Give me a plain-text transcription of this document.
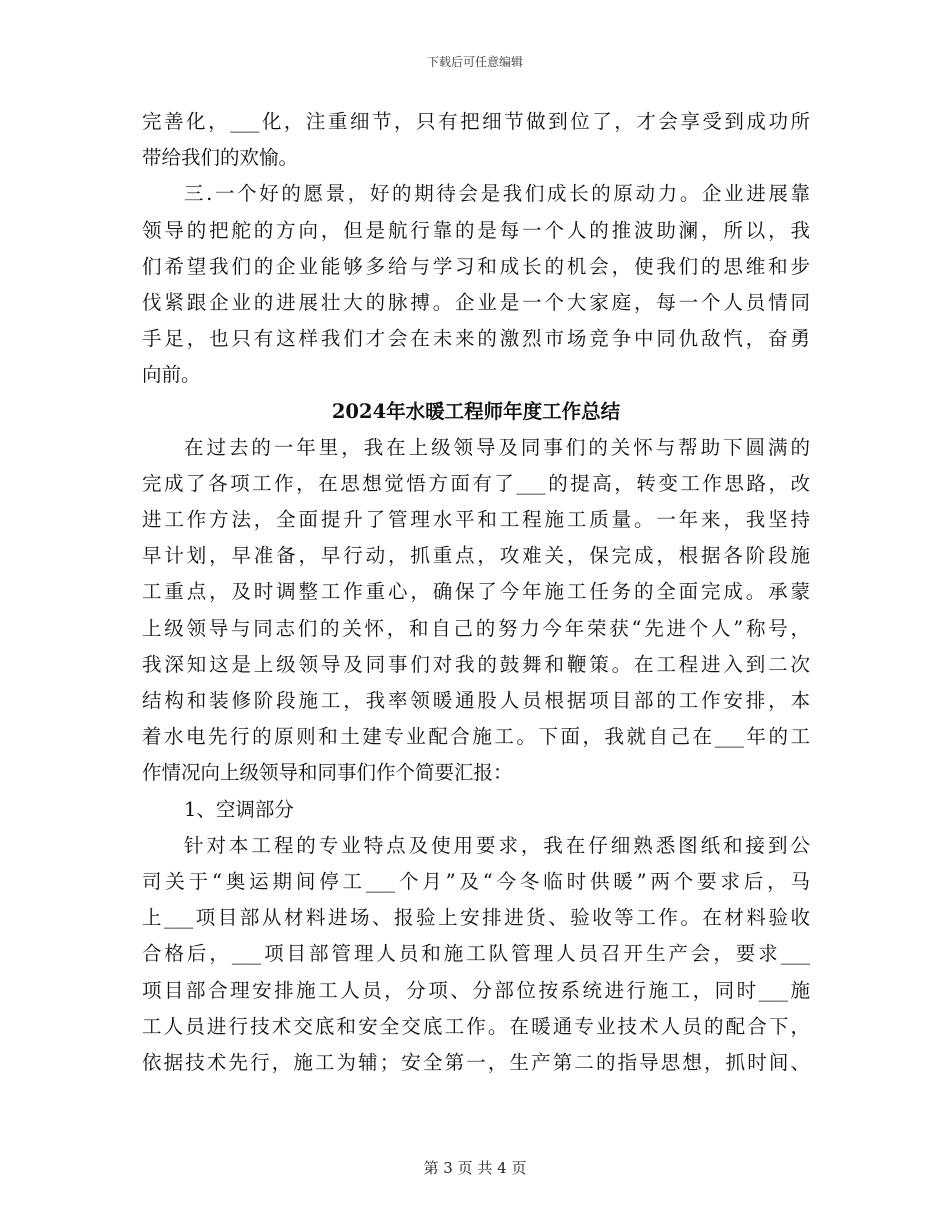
下载后可任意编辑
完善化，___化，注重细节，只有把细节做到位了，才会享受到成功所
带给我们的欢愉。
三.一个好的愿景，好的期待会是我们成长的原动力。企业进展靠
领导的把舵的方向，但是航行靠的是每一个人的推波助澜，所以，我
们希望我们的企业能够多给与学习和成长的机会，使我们的思维和步
伐紧跟企业的进展壮大的脉搏。企业是一个大家庭，每一个人员情同
手足，也只有这样我们才会在未来的激烈市场竞争中同仇敌忾，奋勇
向前。
2024年水暖工程师年度工作总结
在过去的一年里，我在上级领导及同事们的关怀与帮助下圆满的
完成了各项工作，在思想觉悟方面有了___的提高，转变工作思路，改
进工作方法，全面提升了管理水平和工程施工质量。一年来，我坚持
早计划，早准备，早行动，抓重点，攻难关，保完成，根据各阶段施
工重点，及时调整工作重心，确保了今年施工任务的全面完成。承蒙
上级领导与同志们的关怀，和自己的努力今年荣获“先进个人”称号，
我深知这是上级领导及同事们对我的鼓舞和鞭策。在工程进入到二次
结构和装修阶段施工，我率领暖通股人员根据项目部的工作安排，本
着水电先行的原则和土建专业配合施工。下面，我就自己在___年的工
作情况向上级领导和同事们作个简要汇报：
1、空调部分
针对本工程的专业特点及使用要求，我在仔细熟悉图纸和接到公
司关于“奥运期间停工___个月”及“今冬临时供暖”两个要求后，马
上___项目部从材料进场、报验上安排进货、验收等工作。在材料验收
合格后，___项目部管理人员和施工队管理人员召开生产会，要求___
项目部合理安排施工人员，分项、分部位按系统进行施工，同时___施
工人员进行技术交底和安全交底工作。在暖通专业技术人员的配合下，
依据技术先行，施工为辅；安全第一，生产第二的指导思想，抓时间、
第 3 页 共 4 页
